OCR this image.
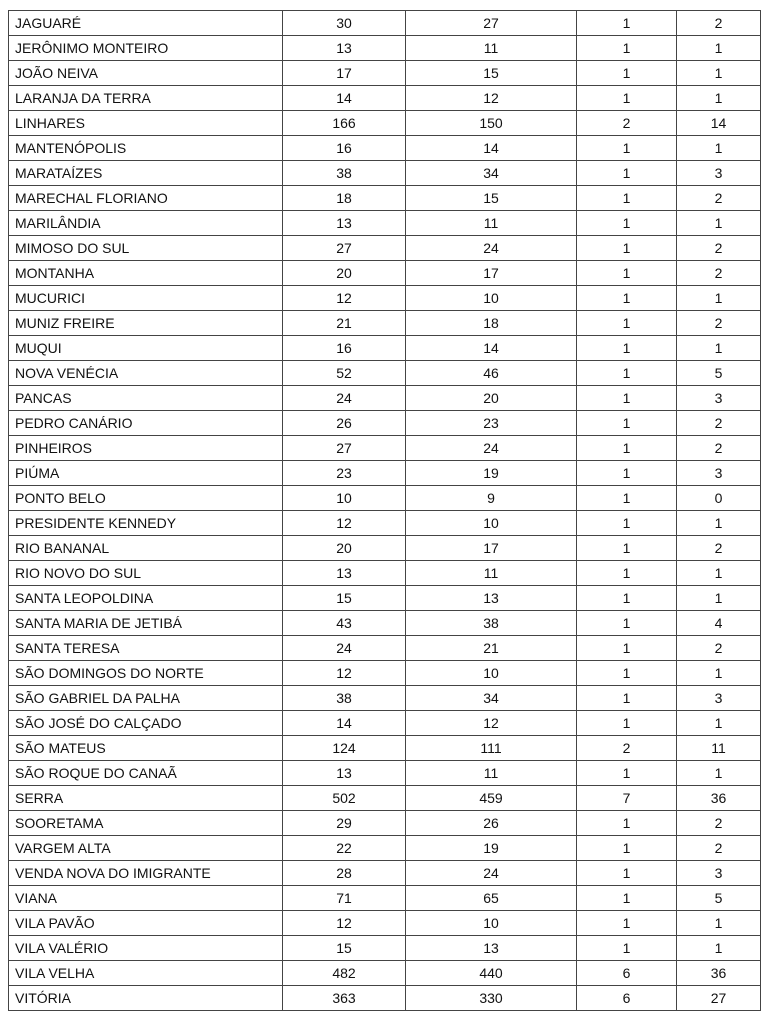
JAGUARÉ	30	27	1	2
JERÔNIMO MONTEIRO	13	11	1	1
JOÃO NEIVA	17	15	1	1
LARANJA DA TERRA	14	12	1	1
LINHARES	166	150	2	14
MANTENÓPOLIS	16	14	1	1
MARATAÍZES	38	34	1	3
MARECHAL FLORIANO	18	15	1	2
MARILÂNDIA	13	11	1	1
MIMOSO DO SUL	27	24	1	2
MONTANHA	20	17	1	2
MUCURICI	12	10	1	1
MUNIZ FREIRE	21	18	1	2
MUQUI	16	14	1	1
NOVA VENÉCIA	52	46	1	5
PANCAS	24	20	1	3
PEDRO CANÁRIO	26	23	1	2
PINHEIROS	27	24	1	2
PIÚMA	23	19	1	3
PONTO BELO	10	9	1	0
PRESIDENTE KENNEDY	12	10	1	1
RIO BANANAL	20	17	1	2
RIO NOVO DO SUL	13	11	1	1
SANTA LEOPOLDINA	15	13	1	1
SANTA MARIA DE JETIBÁ	43	38	1	4
SANTA TERESA	24	21	1	2
SÃO DOMINGOS DO NORTE	12	10	1	1
SÃO GABRIEL DA PALHA	38	34	1	3
SÃO JOSÉ DO CALÇADO	14	12	1	1
SÃO MATEUS	124	111	2	11
SÃO ROQUE DO CANAÃ	13	11	1	1
SERRA	502	459	7	36
SOORETAMA	29	26	1	2
VARGEM ALTA	22	19	1	2
VENDA NOVA DO IMIGRANTE	28	24	1	3
VIANA	71	65	1	5
VILA PAVÃO	12	10	1	1
VILA VALÉRIO	15	13	1	1
VILA VELHA	482	440	6	36
VITÓRIA	363	330	6	27
